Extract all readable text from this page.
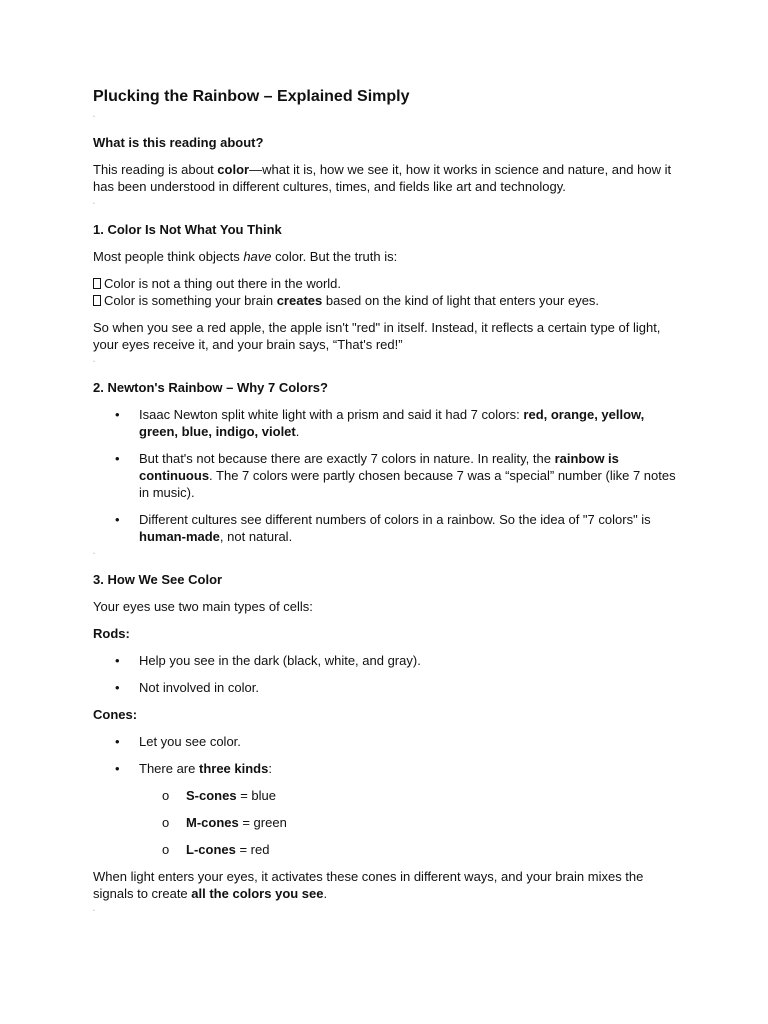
Plucking the Rainbow – Explained Simply
▫
What is this reading about?

This reading is about color—what it is, how we see it, how it works in science and nature, and how it has been understood in different cultures, times, and fields like art and technology.

▫
1. Color Is Not What You Think

Most people think objects have color. But the truth is:

Color is not a thing out there in the world.
Color is something your brain creates based on the kind of light that enters your eyes.

So when you see a red apple, the apple isn't "red" in itself. Instead, it reflects a certain type of light, your eyes receive it, and your brain says, “That's red!”

▫
2. Newton's Rainbow – Why 7 Colors?
• Isaac Newton split white light with a prism and said it had 7 colors: red, orange, yellow, green, blue, indigo, violet.
• But that's not because there are exactly 7 colors in nature. In reality, the rainbow is continuous. The 7 colors were partly chosen because 7 was a “special” number (like 7 notes in music).
• Different cultures see different numbers of colors in a rainbow. So the idea of "7 colors" is human-made, not natural.
▫
3. How We See Color

Your eyes use two main types of cells:

Rods:

• Help you see in the dark (black, white, and gray).
• Not involved in color.

Cones:

• Let you see color.
• There are three kinds:
o S-cones = blue
o M-cones = green
o L-cones = red

When light enters your eyes, it activates these cones in different ways, and your brain mixes the signals to create all the colors you see.

▫
